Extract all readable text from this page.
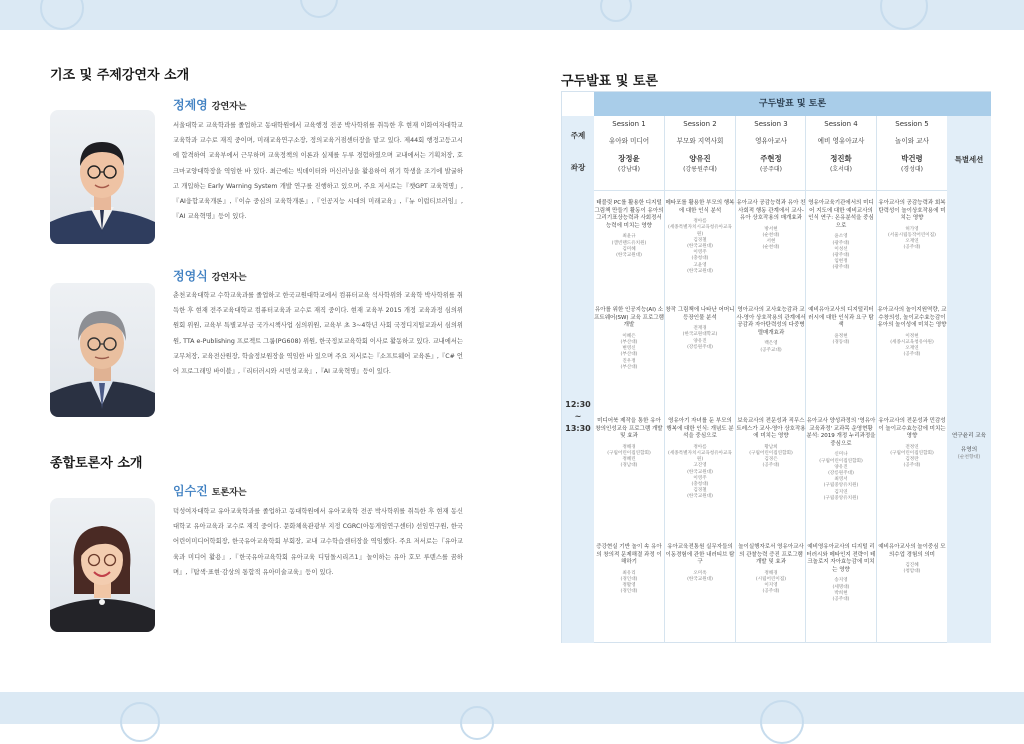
기조 및 주제강연자 소개
정제영 강연자는

서울대학교 교육학과를 졸업하고 동대학원에서 교육행정 전공 박사학위를 취득한 후 현재 이화여자대학교 교육학과 교수로 재직 중이며, 미래교육연구소장, 정의교육거점센터장을 맡고 있다. 제44회 행정고등고시에 합격하여 교육부에서 근무하며 교육정책의 이론과 실제를 두루 경험하였으며 교내에서는 기획처장, 호크마교양대학장을 역임한 바 있다. 최근에는 빅데이터와 머신러닝을 활용하여 위기 학생을 조기에 발굴하고 개입하는 Early Warning System 개발 연구를 진행하고 있으며, 주요 저서로는『챗GPT 교육혁명』,『AI융합교육개론』,『이슈 중심의 교육학개론』,『인공지능 시대의 미래교육』,『뉴 이럽티브러임』,『AI 교육혁명』등이 있다.

정영식 강연자는

춘천교육대학교 수학교육과를 졸업하고 한국교원대학교에서 컴퓨터교육 석사학위와 교육학 박사학위를 취득한 후 현재 전주교육대학교 컴퓨터교육과 교수로 재직 중이다. 현재 교육부 2015 개정 교육과정 심의위원회 위원, 교육부 특별교부금 국가시책사업 심의위원, 교육부 초 3~4학년 사회 국정디지털교과서 심의위원, TTA e-Publishing 프로젝트 그룹(PG608) 위원, 한국정보교육학회 이사로 활동하고 있다. 교내에서는 교무처장, 교육전산원장, 학술정보원장을 역임한 바 있으며 주요 저서로는『소프트웨어 교육론』,『C# 언어 프로그래밍 바이블』,『리터러시와 시민성교육』,『AI 교육혁명』등이 있다.

종합토론자 소개
임수진 토론자는

덕성여자대학교 유아교육학과를 졸업하고 동대학원에서 유아교육학 전공 박사학위를 취득한 후 현재 동신대학교 유아교육과 교수로 재직 중이다. 문화체육관광부 지정 CGRC(아동게임연구센터) 선임연구원, 한국어린이미디어학회장, 한국유아교육학회 부회장, 교내 교수학습센터장을 역임했다. 주요 저서로는『유아교육과 미디어 활용』,『한국유아교육학회 유아교육 디딤돌시리즈1』놀이하는 유아 호모 루덴스를 꿈하며』,『탐색·표현·감상의 통합적 유아미술교육』등이 있다.

구두발표 및 토론
구두발표 및 토론
주제
좌장
12:30
~
13:30
Session 1
유아와 미디어
장정윤
(강남대)
Session 2
부모와 지역사회
양유진
(강릉원주대)
Session 3
영유아교사
주현정
(공주대)
Session 4
예비 영유아교사
정진화
(호서대)
Session 5
놀이와 교사
박건령
(경성대)
특별세션
연구윤리 교육
유영의
(순천향대)
태블릿 PC를 활용한 디지털 그림책 만들기 활동이 유아의 그리기표상능력과 사회정서능력에 미치는 영향
최윤규
(캘빈랜드유치원)
김미혜
(한국교원대)
메타포를 활용한 부모의 행복에 대한 인식 분석
정아름
(세종특별자치시교육청유아교육원)
김경철
(한국교원대)
이영주
(충청대)
고윤영
(한국교원대)
유아교사 공감능력과 유아 친사회적 행동 관계에서 교사-유아 상호작용의 매개효과
방서현
(순천대)
서현
(순천대)
영유아교육기관에서의 미디어 지도에 대한 예비교사의 인식 연구: 온유분석을 중심으로
윤소영
(광주대)
이성선
(광주대)
임현정
(광주대)
유아교사의 공감능력과 회복탄력성이 놀이상호작용에 미치는 영향
허가영
(서울시립동작어린이집)
오재연
(공주대)
유아를 위한 인공지능(AI) 소프트웨어(SW) 교육 프로그램 개발
이혜은
(부산대)
변영신
(부산대)
진우정
(부산대)
창작 그림책에 나타난 어머니 등장인물 분석
전재경
(한국교원대학교)
양유진
(강릉원주대)
영아교사의 교사효능감과 교사-영아 상호작용의 관계에서 공감과 자아탄력성의 다중병렬매개효과
백은영
(공주교대)
예비유아교사의 디지털리터러시에 대한 인식과 요구 탐색
윤정현
(경동대)
유아교사의 놀이지원역량, 교수창의성, 놀이교수효능감이 유아의 놀이성에 미치는 영향
이정현
(세종시교육청유아원)
오재연
(공주대)
미디어북 제작을 통한 유아 창의인성교육 프로그램 개발 및 효과
정해경
(구립어린이집연합회)
정혜린
(경남대)
영유아기 자녀를 둔 부모의 행복에 대한 인식: 개념도 분석을 중심으로
정아름
(세종특별자치시교육청유아교육원)
고진영
(한국교원대)
이영주
(충청대)
김경철
(한국교원대)
보육교사의 전문성과 직무스트레스가 교사-영아 상호작용에 미치는 영향
황남희
(구립어린이집연합회)
김경은
(공주대)
유아교사 양성과정의 '영유아교육과정' 교과목 운영현황 분석: 2019 개정 누리과정을 중심으로
신미나
(구립어린이집연합회)
양유진
(강릉원주대)
최영서
(구립중앙유치원)
김지연
(구립중앙유치원)
유아교사의 전문성과 민감성이 놀이교수효능감에 미치는 영향
전정연
(구립어린이집연합회)
김정란
(공주대)
증강현실 기반 놀이 속 유아의 창의적 문제해결 과정 이해하기
최유리
(경인대)
정활영
(경인대)
유아교육전통원 실무자들의 이동경험에 관한 내러티브 탐구
오미옥
(한국교원대)
놀이실행자로서 영유아교사의 관찰능력 증진 프로그램 개발 및 효과
정해경
(시립어린이집)
이지영
(공주대)
예비영유아교사의 디지털 리터러시와 메타인지 전략이 테크놀로지 자아효능감에 미치는 영향
송지영
(세명대)
박희현
(공주대)
예비유아교사의 놀이중심 모의수업 경험의 의미
김진혜
(청암대)
